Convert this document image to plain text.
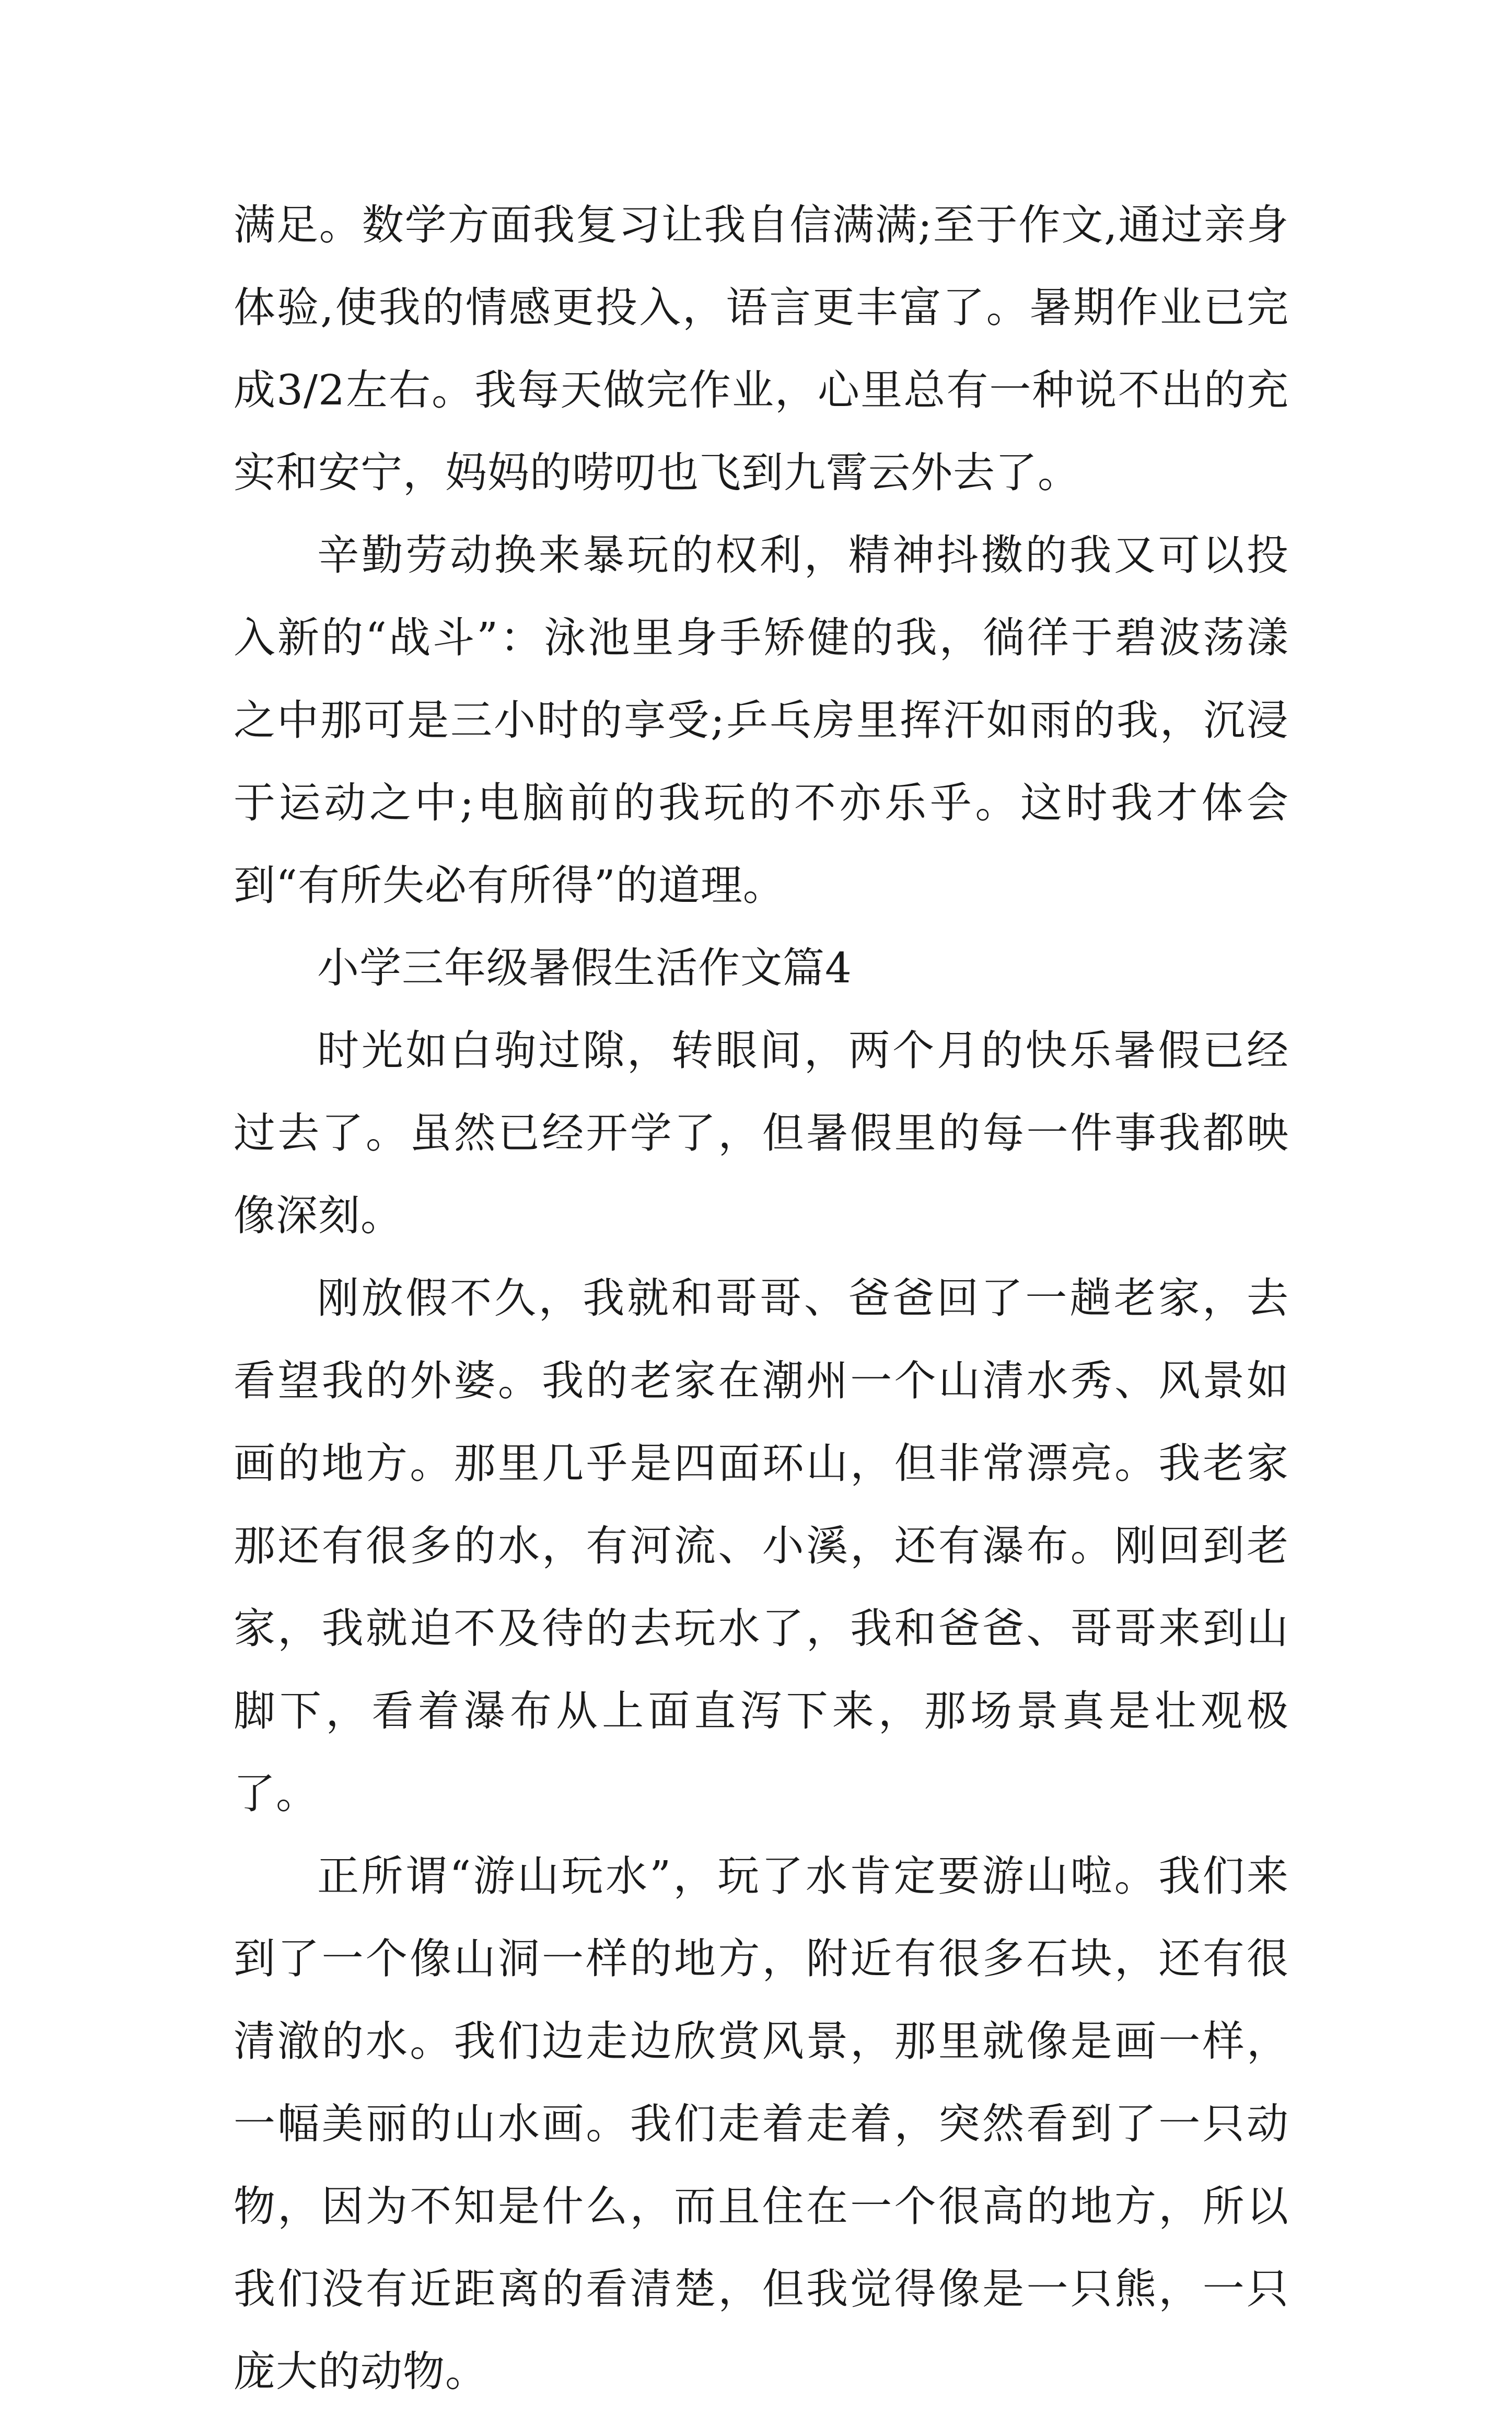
满足。数学方面我复习让我自信满满;至于作文,通过亲身体验,使我的情感更投入，语言更丰富了。暑期作业已完成3/2左右。我每天做完作业，心里总有一种说不出的充实和安宁，妈妈的唠叨也飞到九霄云外去了。

辛勤劳动换来暴玩的权利，精神抖擞的我又可以投入新的“战斗”：泳池里身手矫健的我，徜徉于碧波荡漾之中那可是三小时的享受;乒乓房里挥汗如雨的我，沉浸于运动之中;电脑前的我玩的不亦乐乎。这时我才体会到“有所失必有所得”的道理。

小学三年级暑假生活作文篇4

时光如白驹过隙，转眼间，两个月的快乐暑假已经过去了。虽然已经开学了，但暑假里的每一件事我都映像深刻。

刚放假不久，我就和哥哥、爸爸回了一趟老家，去看望我的外婆。我的老家在潮州一个山清水秀、风景如画的地方。那里几乎是四面环山，但非常漂亮。我老家那还有很多的水，有河流、小溪，还有瀑布。刚回到老家，我就迫不及待的去玩水了，我和爸爸、哥哥来到山脚下，看着瀑布从上面直泻下来，那场景真是壮观极了。

正所谓“游山玩水”，玩了水肯定要游山啦。我们来到了一个像山洞一样的地方，附近有很多石块，还有很清澈的水。我们边走边欣赏风景，那里就像是画一样，一幅美丽的山水画。我们走着走着，突然看到了一只动物，因为不知是什么，而且住在一个很高的地方，所以我们没有近距离的看清楚，但我觉得像是一只熊，一只庞大的动物。
